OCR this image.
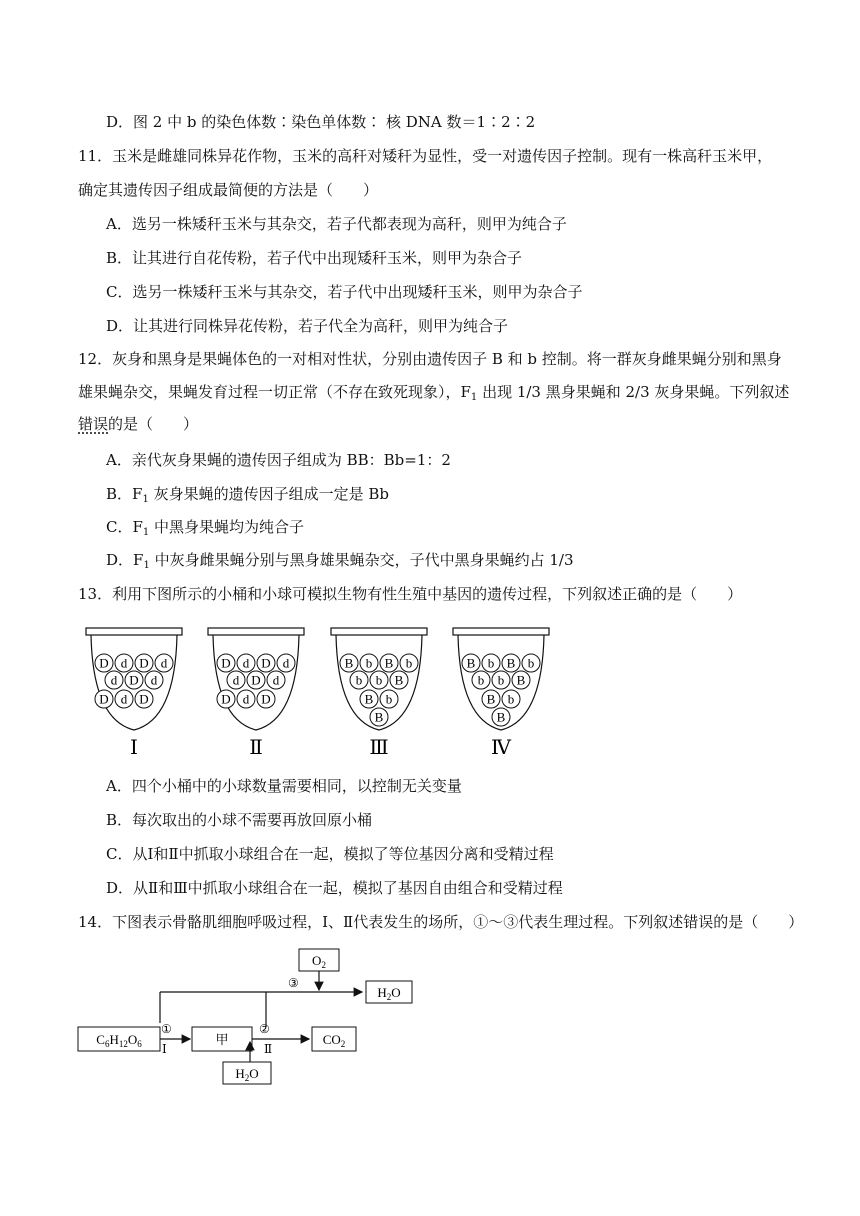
D．图 2 中 b 的染色体数∶染色单体数∶ 核 DNA 数＝1∶2∶2
11．玉米是雌雄同株异花作物，玉米的高秆对矮秆为显性，受一对遗传因子控制。现有一株高秆玉米甲，
确定其遗传因子组成最简便的方法是（　　）
A．选另一株矮秆玉米与其杂交，若子代都表现为高秆，则甲为纯合子
B．让其进行自花传粉，若子代中出现矮秆玉米，则甲为杂合子
C．选另一株矮秆玉米与其杂交，若子代中出现矮秆玉米，则甲为杂合子
D．让其进行同株异花传粉，若子代全为高秆，则甲为纯合子
12．灰身和黑身是果蝇体色的一对相对性状，分别由遗传因子 B 和 b 控制。将一群灰身雌果蝇分别和黑身
雄果蝇杂交，果蝇发育过程一切正常（不存在致死现象），$F_1$ 出现 1/3 黑身果蝇和 2/3 灰身果蝇。下列叙述
错误的是（　　）
A．亲代灰身果蝇的遗传因子组成为 BB：Bb=1：2
B．$F_1$ 灰身果蝇的遗传因子组成一定是 Bb
C．$F_1$ 中黑身果蝇均为纯合子
D．$F_1$ 中灰身雌果蝇分别与黑身雄果蝇杂交，子代中黑身果蝇约占 1/3
13．利用下图所示的小桶和小球可模拟生物有性生殖中基因的遗传过程，下列叙述正确的是（　　）
D d D d
d D d
D d D
Ⅰ
D d D d
d D d
D d D
Ⅱ
B b B b
b b B
B b
B
Ⅲ
B b B b
b b B
B b
B
Ⅳ
A．四个小桶中的小球数量需要相同，以控制无关变量
B．每次取出的小球不需要再放回原小桶
C．从Ⅰ和Ⅱ中抓取小球组合在一起，模拟了等位基因分离和受精过程
D．从Ⅱ和Ⅲ中抓取小球组合在一起，模拟了基因自由组合和受精过程
14．下图表示骨骼肌细胞呼吸过程，Ⅰ、Ⅱ代表发生的场所，①～③代表生理过程。下列叙述错误的是（　　）
$C_6H_{12}O_6$
①
Ⅰ
甲
②
Ⅱ
$CO_2$
$H_2O$
③
$O_2$
$H_2O$
